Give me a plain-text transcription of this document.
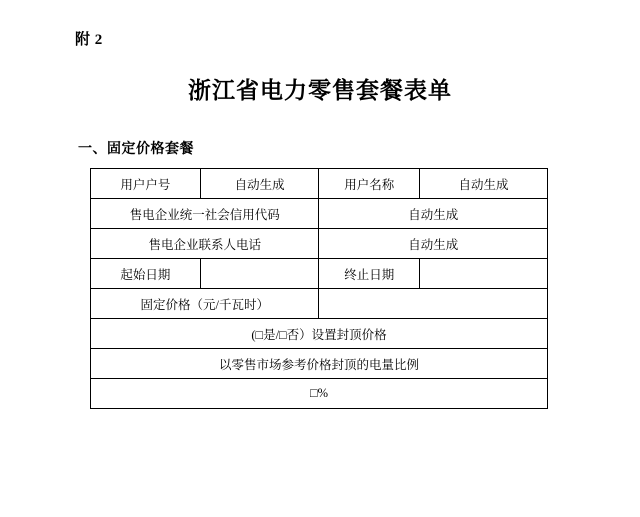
附 2
浙江省电力零售套餐表单
一、固定价格套餐
用户户号	自动生成	用户名称	自动生成
售电企业统一社会信用代码		自动生成	
售电企业联系人电话		自动生成	
起始日期		终止日期	
固定价格（元/千瓦时）			
(□是/□否）设置封顶价格			
以零售市场参考价格封顶的电量比例			
□%			
